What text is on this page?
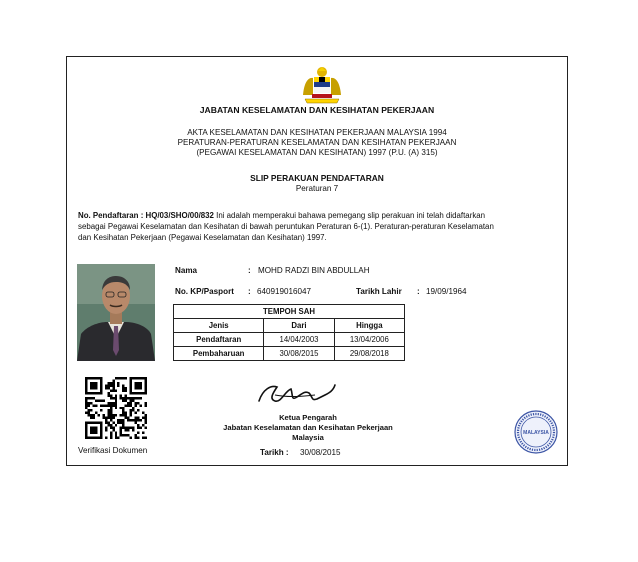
JABATAN KESELAMATAN DAN KESIHATAN PEKERJAAN
AKTA KESELAMATAN DAN KESIHATAN PEKERJAAN MALAYSIA 1994
PERATURAN-PERATURAN KESELAMATAN DAN KESIHATAN PEKERJAAN
(PEGAWAI KESELAMATAN DAN KESIHATAN) 1997 (P.U. (A) 315)
SLIP PERAKUAN PENDAFTARAN
Peraturan 7
No. Pendaftaran : HQ/03/SHO/00/832 Ini adalah memperakui bahawa pemegang slip perakuan ini telah didaftarkan
sebagai Pegawai Keselamatan dan Kesihatan di bawah peruntukan Peraturan 6-(1). Peraturan-peraturan Keselamatan
dan Kesihatan Pekerjaan (Pegawai Keselamatan dan Kesihatan) 1997.
Nama	: MOHD RADZI BIN ABDULLAH
No. KP/Pasport : 640919016047	Tarikh Lahir : 19/09/1964
TEMPOH SAH		
Jenis	Dari	Hingga
Pendaftaran	14/04/2003	13/04/2006
Pembaharuan	30/08/2015	29/08/2018
Verifikasi Dokumen
Ketua Pengarah
Jabatan Keselamatan dan Kesihatan Pekerjaan
Malaysia
Tarikh : 30/08/2015
MALAYSIA
